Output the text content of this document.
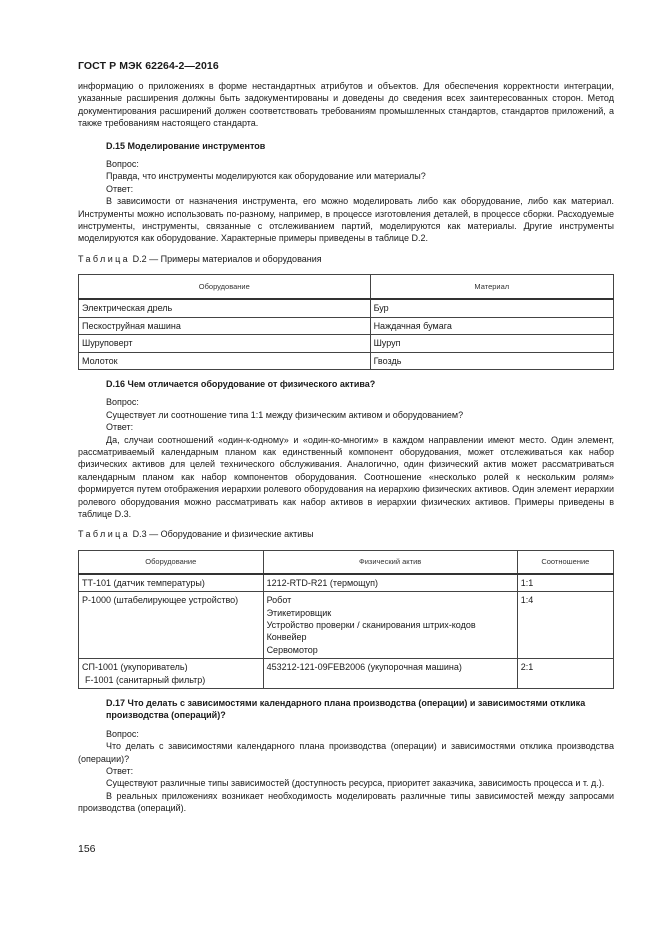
ГОСТ Р МЭК 62264-2—2016

информацию о приложениях в форме нестандартных атрибутов и объектов. Для обеспечения корректности интеграции, указанные расширения должны быть задокументированы и доведены до сведения всех заинтересованных сторон. Метод документирования расширений должен соответствовать требованиям промышленных стандартов, стандартов приложений, а также требованиям настоящего стандарта.

D.15 Моделирование инструментов

Вопрос:

Правда, что инструменты моделируются как оборудование или материалы?

Ответ:

В зависимости от назначения инструмента, его можно моделировать либо как оборудование, либо как материал. Инструменты можно использовать по-разному, например, в процессе изготовления деталей, в процессе сборки. Расходуемые инструменты, инструменты, связанные с отслеживанием партий, моделируются как материалы. Другие инструменты моделируются как оборудование. Характерные примеры приведены в таблице D.2.

Таблица D.2 — Примеры материалов и оборудования
Оборудование	Материал
Электрическая дрель	Бур
Пескоструйная машина	Наждачная бумага
Шуруповерт	Шуруп
Молоток	Гвоздь
D.16 Чем отличается оборудование от физического актива?

Вопрос:

Существует ли соотношение типа 1:1 между физическим активом и оборудованием?

Ответ:

Да, случаи соотношений «один-к-одному» и «один-ко-многим» в каждом направлении имеют место. Один элемент, рассматриваемый календарным планом как единственный компонент оборудования, может отслеживаться как набор физических активов для целей технического обслуживания. Аналогично, один физический актив может рассматриваться календарным планом как набор компонентов оборудования. Соотношение «несколько ролей к нескольким ролям» формируется путем отображения иерархии ролевого оборудования на иерархию физических активов. Один элемент иерархии ролевого оборудования можно рассматривать как набор активов в иерархии физических активов. Примеры приведены в таблице D.3.

Таблица D.3 — Оборудование и физические активы
Оборудование	Физический актив	Соотношение

ТТ-101 (датчик температуры)	1212-RTD-R21 (термощуп)	1:1
Р-1000 (штабелирующее устройство)	Робот
Этикетировщик
Устройство проверки / сканирования штрих-кодов
Конвейер
Сервомотор	1:4

СП-1001 (укупориватель)
F-1001 (санитарный фильтр)	453212-121-09FEB2006 (укупорочная машина)	2:1
D.17 Что делать с зависимостями календарного плана производства (операции) и зависимостями отклика производства (операций)?

Вопрос:

Что делать с зависимостями календарного плана производства (операции) и зависимостями отклика производства (операции)?

Ответ:

Существуют различные типы зависимостей (доступность ресурса, приоритет заказчика, зависимость процесса и т. д.).

В реальных приложениях возникает необходимость моделировать различные типы зависимостей между запросами производства (операций).

156
